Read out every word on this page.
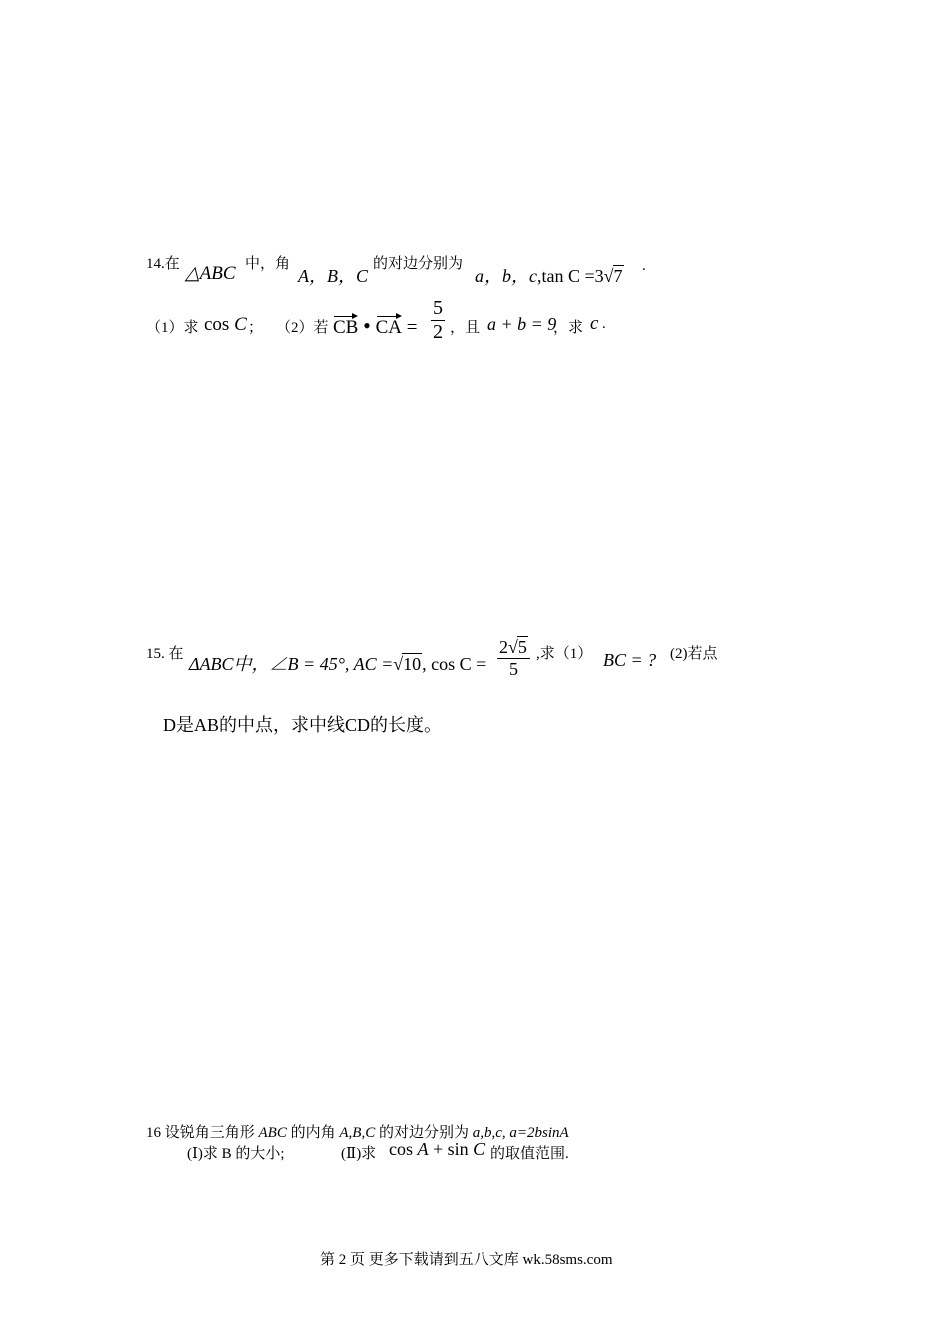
14.在 △ABC 中，角
A，B，C
的对边分别为
a，b，c,tan C =3√7 .
（1）求 cos C ； （2）若 CB • CA = $\frac{5}{2}$ ，且 a + b = 9
，求 c .
15. 在 ΔABC中，∠B = 45°, AC =√10, $\cos C = \frac{2√5}{5}$ ,求（1） BC = ? (2)若点
D是AB的中点，求中线CD的长度。
16 设锐角三角形 ABC 的内角 A,B,C 的对边分别为 a,b,c, a=2bsinA
(Ⅰ)求 B 的大小;	(Ⅱ)求 cos A + sin C 的取值范围.
第 2 页 更多下载请到五八文库 wk.58sms.com
